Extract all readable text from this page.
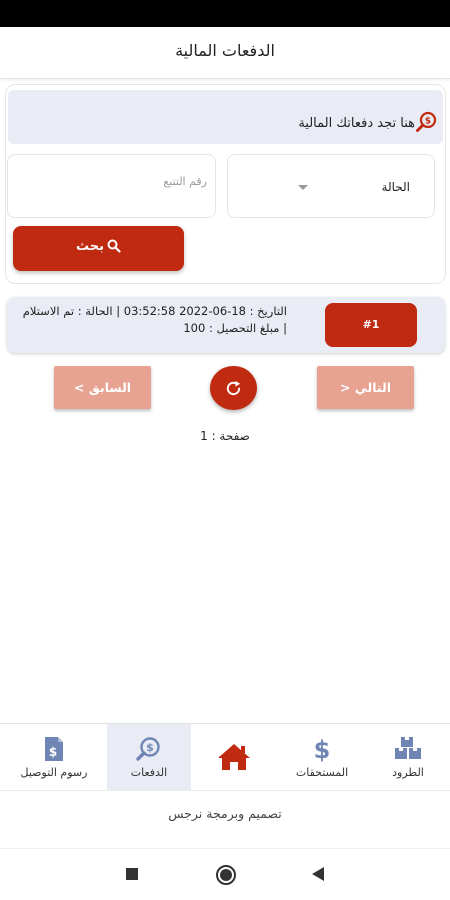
الدفعات المالية
هنا تجد دفعاتك المالية $
الحالة
رقم التتبع
بحث
#1
التاريخ : 18-06-2022 03:52:58 | الحالة : تم الاستلام | مبلغ التحصيل : 100
التالي <
السابق >
صفحة : 1
الطرود
$
المستحقات
$
الدفعات
$
رسوم التوصيل
تصميم وبرمجة نرجس
